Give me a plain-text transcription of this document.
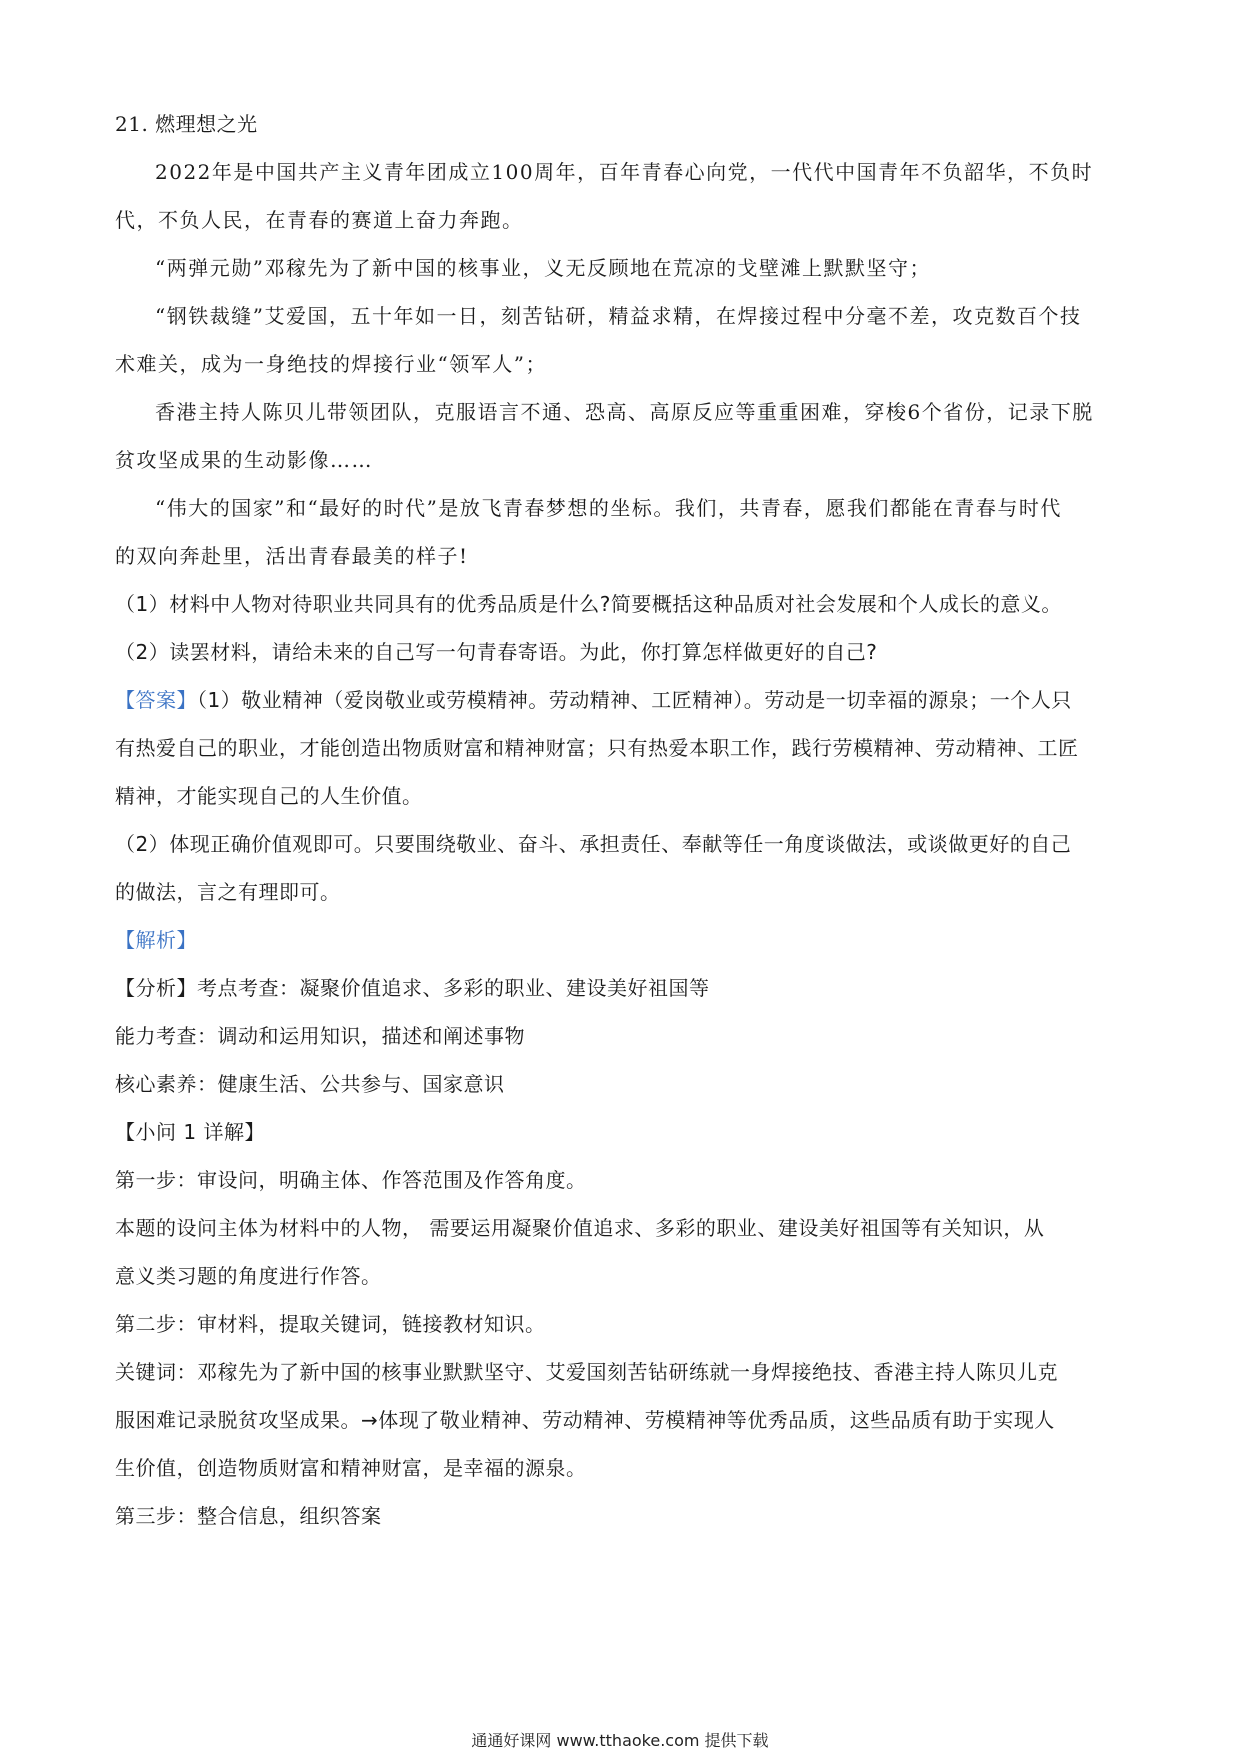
21. 燃理想之光

2022年是中国共产主义青年团成立100周年，百年青春心向党，一代代中国青年不负韶华，不负时

代，不负人民，在青春的赛道上奋力奔跑。

“两弹元勋”邓稼先为了新中国的核事业，义无反顾地在荒凉的戈壁滩上默默坚守；

“钢铁裁缝”艾爱国，五十年如一日，刻苦钻研，精益求精，在焊接过程中分毫不差，攻克数百个技

术难关，成为一身绝技的焊接行业“领军人”；

香港主持人陈贝儿带领团队，克服语言不通、恐高、高原反应等重重困难，穿梭6个省份，记录下脱

贫攻坚成果的生动影像……

“伟大的国家”和“最好的时代”是放飞青春梦想的坐标。我们，共青春，愿我们都能在青春与时代

的双向奔赴里，活出青春最美的样子!

（1）材料中人物对待职业共同具有的优秀品质是什么?简要概括这种品质对社会发展和个人成长的意义。

（2）读罢材料，请给未来的自己写一句青春寄语。为此，你打算怎样做更好的自己?

【答案】（1）敬业精神（爱岗敬业或劳模精神。劳动精神、工匠精神）。劳动是一切幸福的源泉；一个人只

有热爱自己的职业，才能创造出物质财富和精神财富；只有热爱本职工作，践行劳模精神、劳动精神、工匠

精神，才能实现自己的人生价值。

（2）体现正确价值观即可。只要围绕敬业、奋斗、承担责任、奉献等任一角度谈做法，或谈做更好的自己

的做法，言之有理即可。

【解析】

【分析】考点考查：凝聚价值追求、多彩的职业、建设美好祖国等

能力考查：调动和运用知识，描述和阐述事物

核心素养：健康生活、公共参与、国家意识

【小问 1 详解】

第一步：审设问，明确主体、作答范围及作答角度。

本题的设问主体为材料中的人物， 需要运用凝聚价值追求、多彩的职业、建设美好祖国等有关知识，从

意义类习题的角度进行作答。

第二步：审材料，提取关键词，链接教材知识。

关键词：邓稼先为了新中国的核事业默默坚守、艾爱国刻苦钻研练就一身焊接绝技、香港主持人陈贝儿克

服困难记录脱贫攻坚成果。→体现了敬业精神、劳动精神、劳模精神等优秀品质，这些品质有助于实现人

生价值，创造物质财富和精神财富，是幸福的源泉。

第三步：整合信息，组织答案

通通好课网 www.tthaoke.com 提供下载
